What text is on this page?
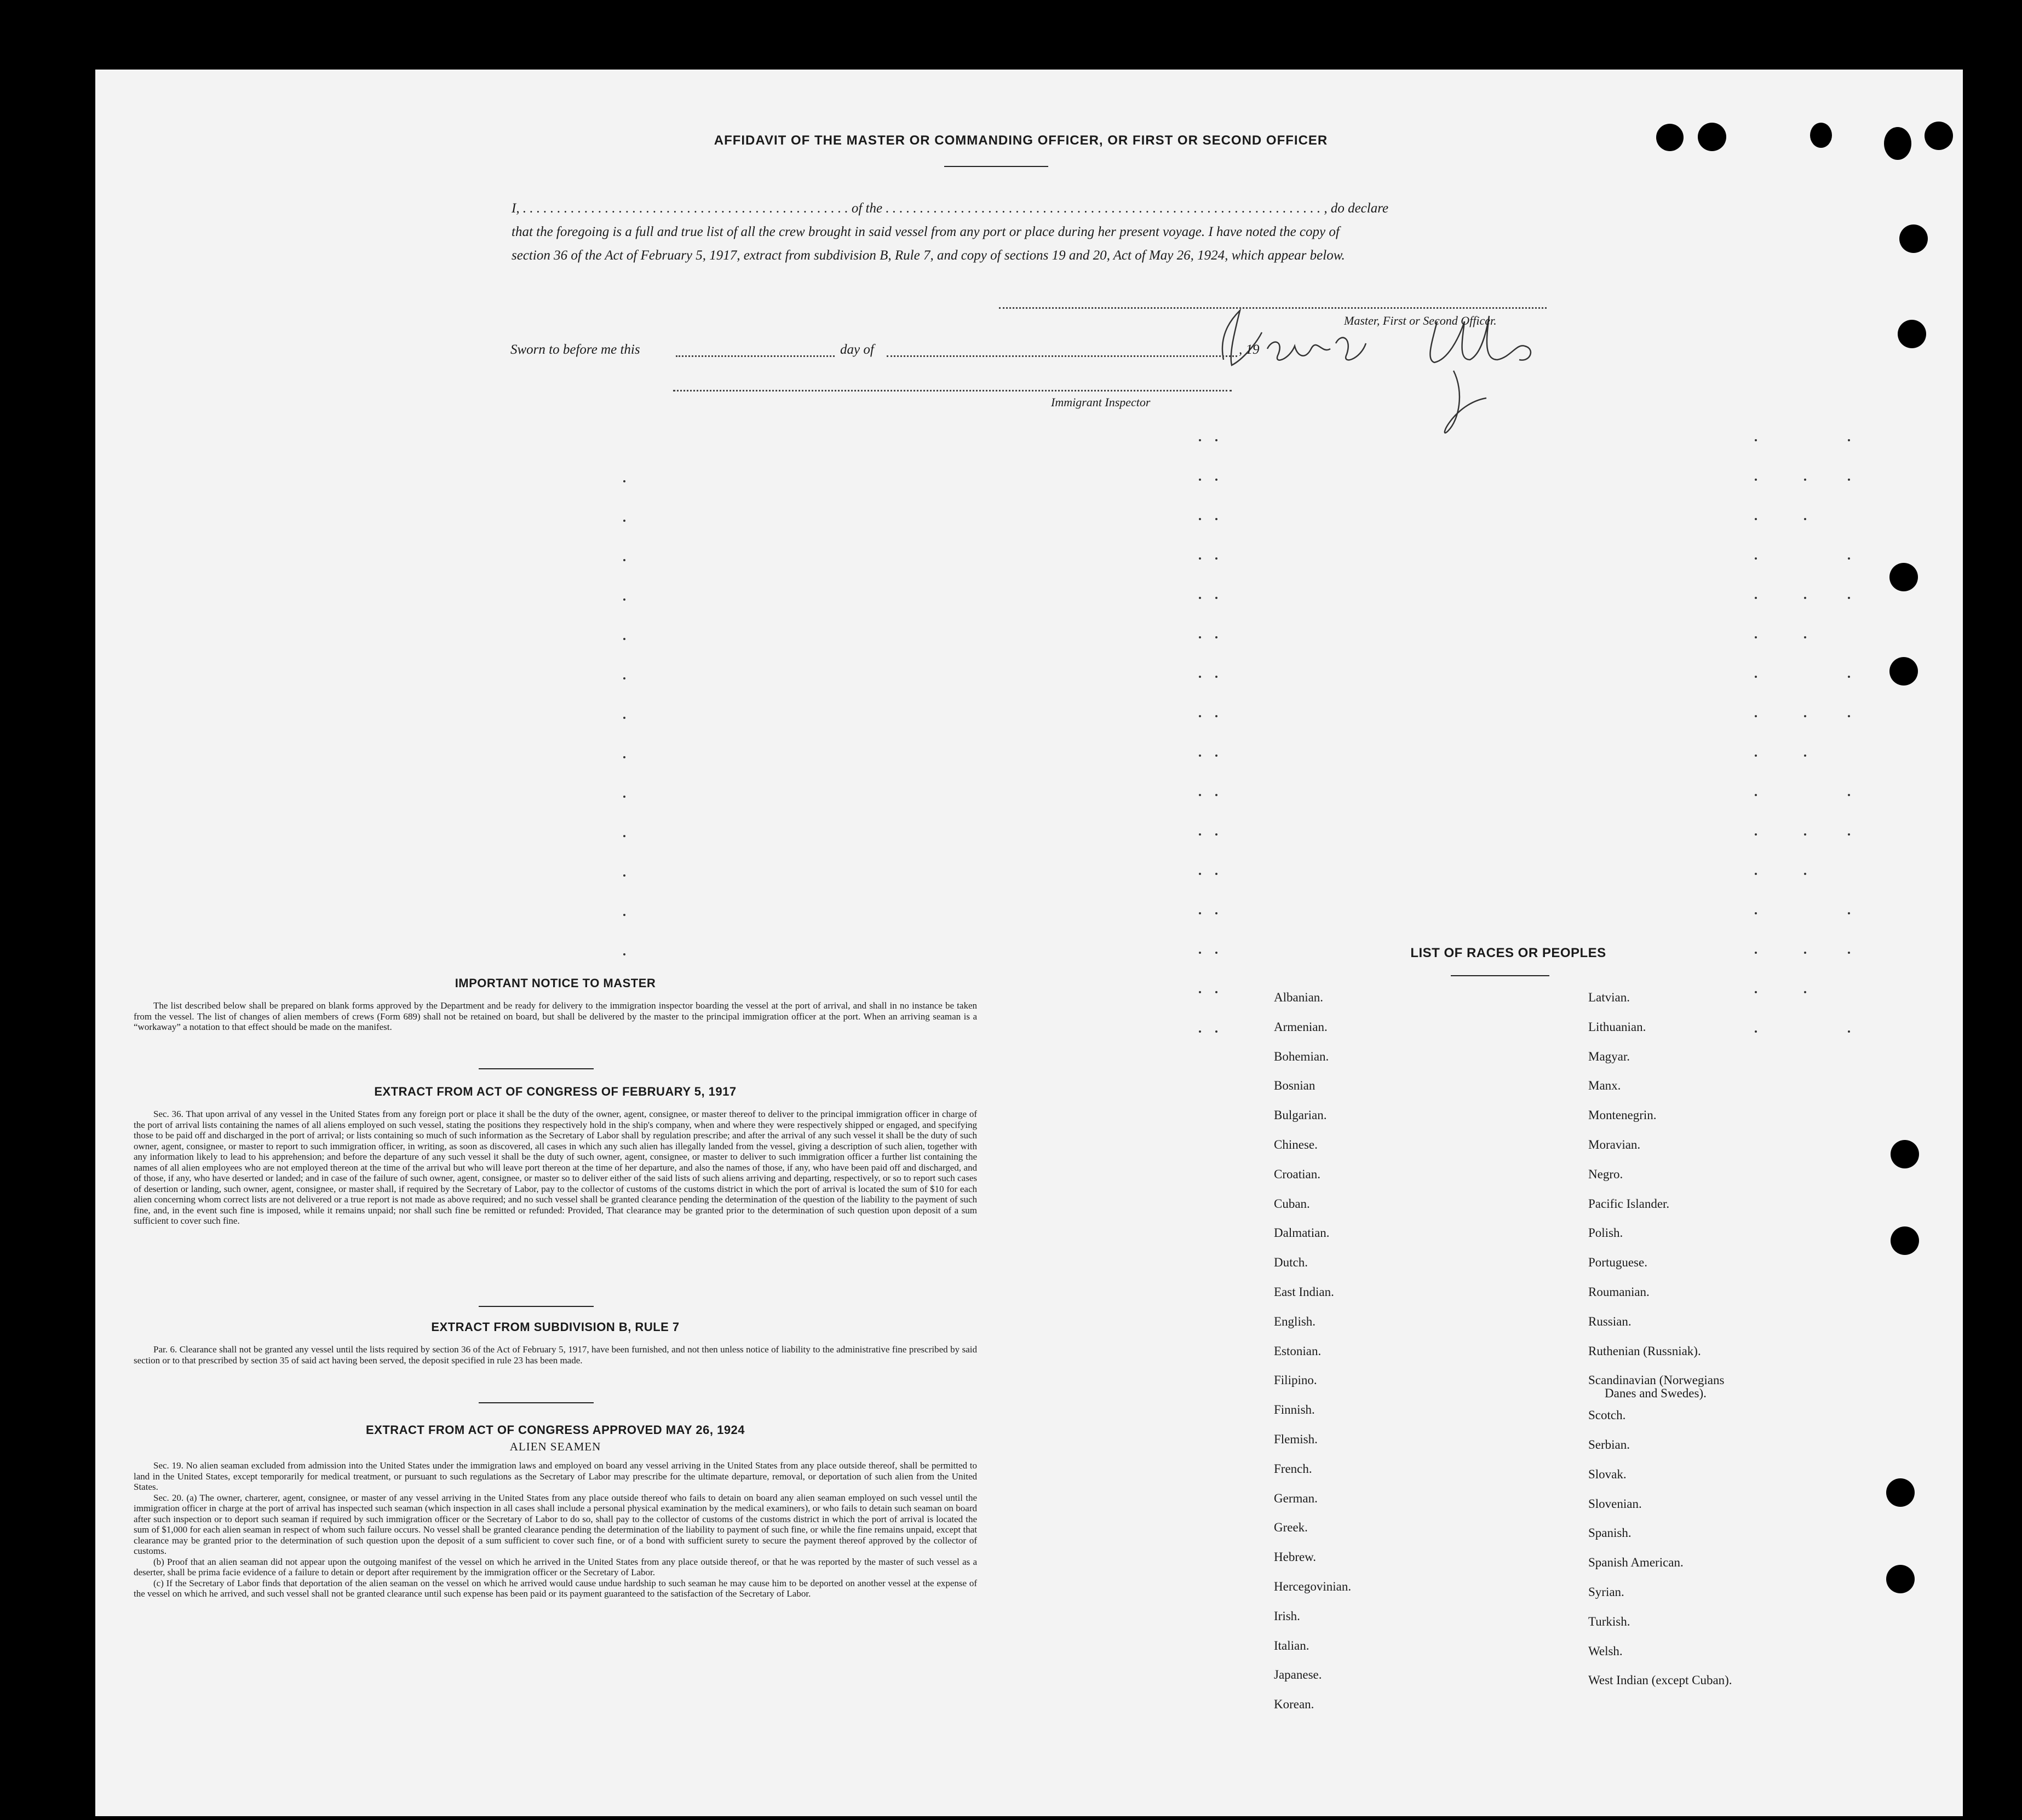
AFFIDAVIT OF THE MASTER OR COMMANDING OFFICER, OR FIRST OR SECOND OFFICER
I, . . . . . . . . . . . . . . . . . . . . . . . . . . . . . . . . . . . . . . . . . . . . . . . . of the . . . . . . . . . . . . . . . . . . . . . . . . . . . . . . . . . . . . . . . . . . . . . . . . . . . . . . . . . . . . . . . . , do declare
that the foregoing is a full and true list of all the crew brought in said vessel from any port or place during her present voyage. I have noted the copy of
section 36 of the Act of February 5, 1917, extract from subdivision B, Rule 7, and copy of sections 19 and 20, Act of May 26, 1924, which appear below.
Master, First or Second Officer.
Sworn to before me this	day of	, 19
Immigrant Inspector
IMPORTANT NOTICE TO MASTER

The list described below shall be prepared on blank forms approved by the Department and be ready for delivery to the immigration inspector boarding the vessel at the port of arrival, and shall in no instance be taken from the vessel. The list of changes of alien members of crews (Form 689) shall not be retained on board, but shall be delivered by the master to the principal immigration officer at the port. When an arriving seaman is a “workaway” a notation to that effect should be made on the manifest.

EXTRACT FROM ACT OF CONGRESS OF FEBRUARY 5, 1917

Sec. 36. That upon arrival of any vessel in the United States from any foreign port or place it shall be the duty of the owner, agent, consignee, or master thereof to deliver to the principal immigration officer in charge of the port of arrival lists containing the names of all aliens employed on such vessel, stating the positions they respectively hold in the ship's company, when and where they were respectively shipped or engaged, and specifying those to be paid off and discharged in the port of arrival; or lists containing so much of such information as the Secretary of Labor shall by regulation prescribe; and after the arrival of any such vessel it shall be the duty of such owner, agent, consignee, or master to report to such immigration officer, in writing, as soon as discovered, all cases in which any such alien has illegally landed from the vessel, giving a description of such alien, together with any information likely to lead to his apprehension; and before the departure of any such vessel it shall be the duty of such owner, agent, consignee, or master to deliver to such immigration officer a further list containing the names of all alien employees who are not employed thereon at the time of the arrival but who will leave port thereon at the time of her departure, and also the names of those, if any, who have been paid off and discharged, and of those, if any, who have deserted or landed; and in case of the failure of such owner, agent, consignee, or master so to deliver either of the said lists of such aliens arriving and departing, respectively, or so to report such cases of desertion or landing, such owner, agent, consignee, or master shall, if required by the Secretary of Labor, pay to the collector of customs of the customs district in which the port of arrival is located the sum of $10 for each alien concerning whom correct lists are not delivered or a true report is not made as above required; and no such vessel shall be granted clearance pending the determination of the question of the liability to the payment of such fine, and, in the event such fine is imposed, while it remains unpaid; nor shall such fine be remitted or refunded: Provided, That clearance may be granted prior to the determination of such question upon deposit of a sum sufficient to cover such fine.

EXTRACT FROM SUBDIVISION B, RULE 7

Par. 6. Clearance shall not be granted any vessel until the lists required by section 36 of the Act of February 5, 1917, have been furnished, and not then unless notice of liability to the administrative fine prescribed by said section or to that prescribed by section 35 of said act having been served, the deposit specified in rule 23 has been made.

EXTRACT FROM ACT OF CONGRESS APPROVED MAY 26, 1924
ALIEN SEAMEN

Sec. 19. No alien seaman excluded from admission into the United States under the immigration laws and employed on board any vessel arriving in the United States from any place outside thereof, shall be permitted to land in the United States, except temporarily for medical treatment, or pursuant to such regulations as the Secretary of Labor may prescribe for the ultimate departure, removal, or deportation of such alien from the United States.

Sec. 20. (a) The owner, charterer, agent, consignee, or master of any vessel arriving in the United States from any place outside thereof who fails to detain on board any alien seaman employed on such vessel until the immigration officer in charge at the port of arrival has inspected such seaman (which inspection in all cases shall include a personal physical examination by the medical examiners), or who fails to detain such seaman on board after such inspection or to deport such seaman if required by such immigration officer or the Secretary of Labor to do so, shall pay to the collector of customs of the customs district in which the port of arrival is located the sum of $1,000 for each alien seaman in respect of whom such failure occurs. No vessel shall be granted clearance pending the determination of the liability to payment of such fine, or while the fine remains unpaid, except that clearance may be granted prior to the determination of such question upon the deposit of a sum sufficient to cover such fine, or of a bond with sufficient surety to secure the payment thereof approved by the collector of customs.

(b) Proof that an alien seaman did not appear upon the outgoing manifest of the vessel on which he arrived in the United States from any place outside thereof, or that he was reported by the master of such vessel as a deserter, shall be prima facie evidence of a failure to detain or deport after requirement by the immigration officer or the Secretary of Labor.

(c) If the Secretary of Labor finds that deportation of the alien seaman on the vessel on which he arrived would cause undue hardship to such seaman he may cause him to be deported on another vessel at the expense of the vessel on which he arrived, and such vessel shall not be granted clearance until such expense has been paid or its payment guaranteed to the satisfaction of the Secretary of Labor.

LIST OF RACES OR PEOPLES
Albanian.
Armenian.
Bohemian.
Bosnian
Bulgarian.
Chinese.
Croatian.
Cuban.
Dalmatian.
Dutch.
East Indian.
English.
Estonian.
Filipino.
Finnish.
Flemish.
French.
German.
Greek.
Hebrew.
Hercegovinian.
Irish.
Italian.
Japanese.
Korean.
Latvian.
Lithuanian.
Magyar.
Manx.
Montenegrin.
Moravian.
Negro.
Pacific Islander.
Polish.
Portuguese.
Roumanian.
Russian.
Ruthenian (Russniak).
Scandinavian (Norwegians
Danes and Swedes).
Scotch.
Serbian.
Slovak.
Slovenian.
Spanish.
Spanish American.
Syrian.
Turkish.
Welsh.
West Indian (except Cuban).
